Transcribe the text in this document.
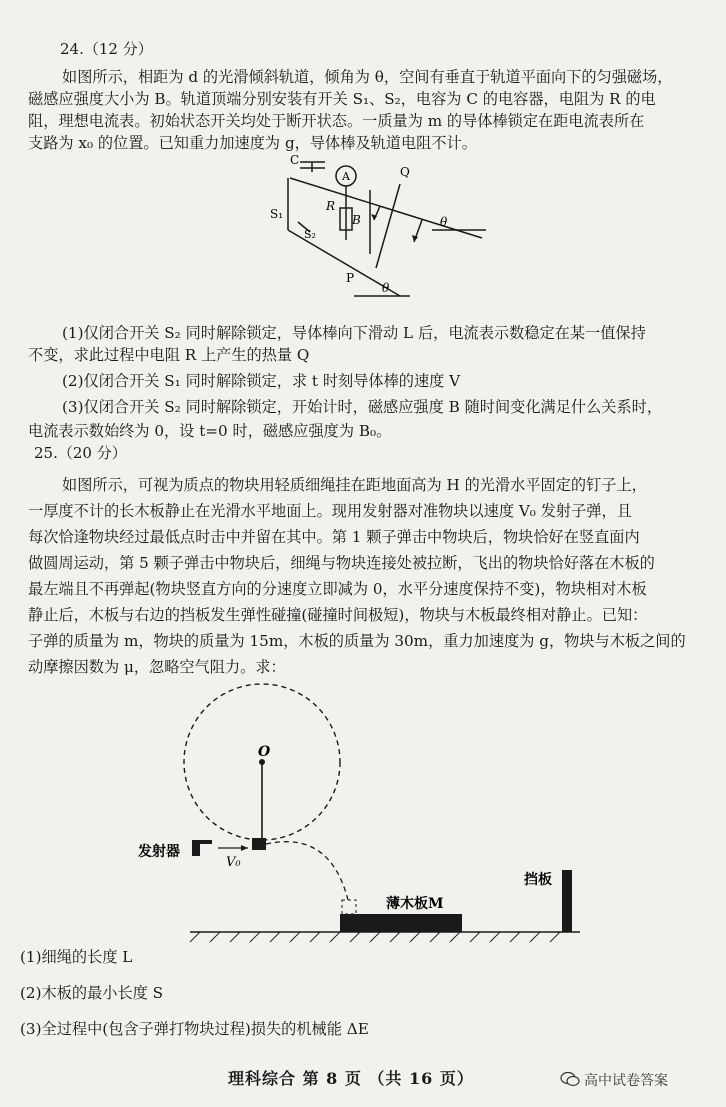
24.（12 分）
如图所示，相距为 d 的光滑倾斜轨道，倾角为 θ，空间有垂直于轨道平面向下的匀强磁场，
磁感应强度大小为 B。轨道顶端分别安装有开关 S₁、S₂，电容为 C 的电容器，电阻为 R 的电
阻，理想电流表。初始状态开关均处于断开状态。一质量为 m 的导体棒锁定在距电流表所在
支路为 x₀ 的位置。已知重力加速度为 g，导体棒及轨道电阻不计。
C
A
R
B
Q
S₁
S₂
P
θ
θ
(1)仅闭合开关 S₂ 同时解除锁定，导体棒向下滑动 L 后，电流表示数稳定在某一值保持
不变，求此过程中电阻 R 上产生的热量 Q
(2)仅闭合开关 S₁ 同时解除锁定，求 t 时刻导体棒的速度 V
(3)仅闭合开关 S₂ 同时解除锁定，开始计时，磁感应强度 B 随时间变化满足什么关系时，
电流表示数始终为 0，设 t=0 时，磁感应强度为 B₀。
25.（20 分）
如图所示，可视为质点的物块用轻质细绳挂在距地面高为 H 的光滑水平固定的钉子上，
一厚度不计的长木板静止在光滑水平地面上。现用发射器对准物块以速度 V₀ 发射子弹，且
每次恰逢物块经过最低点时击中并留在其中。第 1 颗子弹击中物块后，物块恰好在竖直面内
做圆周运动，第 5 颗子弹击中物块后，细绳与物块连接处被拉断，飞出的物块恰好落在木板的
最左端且不再弹起(物块竖直方向的分速度立即减为 0，水平分速度保持不变)，物块相对木板
静止后，木板与右边的挡板发生弹性碰撞(碰撞时间极短)，物块与木板最终相对静止。已知：
子弹的质量为 m，物块的质量为 15m，木板的质量为 30m，重力加速度为 g，物块与木板之间的
动摩擦因数为 μ，忽略空气阻力。求：
O
发射器
V₀
薄木板M
挡板
(1)细绳的长度 L
(2)木板的最小长度 S
(3)全过程中(包含子弹打物块过程)损失的机械能 ΔE
理科综合 第 8 页 （共 16 页）	高中试卷答案
